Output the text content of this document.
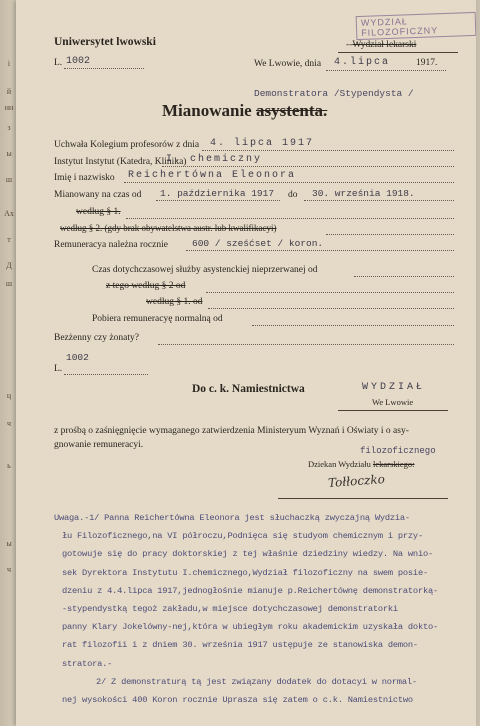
i
й
ин
з
ы
ш
Ах
т
Д
ш
ц
ч
ь
ы
ч
Uniwersytet lwowski
L. 1002
WYDZIAŁ FILOZOFICZNY
--Wydział lekarski
We Lwowie, dnia 4.lipca	1917.
Demonstratora /Stypendysta /
Mianowanie asystenta.
Uchwała Kolegium profesorów z dnia 4. lipca 1917
Instytut Instytut (Katedra, Klinika)
I. chemiczny
Imię i nazwisko Reichertówna Eleonora
Mianowany na czas od 1. października 1917 do 30. września 1918.
według § 1.
według § 2. (gdy brak obywatelstwa austr. lub kwalifikacyi)
Remuneracya należna rocznie	600 / sześćset / koron.
Czas dotychczasowej służby asystenckiej nieprzerwanej od
z tego według § 2 od
według § 1. od
Pobiera remuneracyę normalną od
Bezżenny czy żonaty?
L.
1002
Do c. k. Namiestnictwa	WYDZIAŁ
We Lwowie
z prośbą o zaśnięgnięcie wymaganego zatwierdzenia Ministeryum Wyznań i Oświaty i o asy-
gnowanie remuneracyi.
filozoficznego
Dziekan Wydziału lekarskiego:
Tołłoczko
Uwaga.-1/ Panna Reichertówna Eleonora jest słuchaczką zwyczajną Wydzia-
łu Filozoficznego,na VI półroczu,Podnięca się studyom chemicznym i przy-
gotowuje się do pracy doktorskiej z tej właśnie dziedziny wiedzy. Na wnio-
sek Dyrektora Instytutu I.chemicznego,Wydział filozoficzny na swem posie-
dzeniu z 4.4.lipca 1917,jednogłośnie mianuje p.Reichertównę demonstratorką-
-stypendystką tegoż zakładu,w miejsce dotychczasowej demonstratorki
panny Klary Jokelówny-nej,która w ubiegłym roku akademickim uzyskała dokto-
rat filozofii i z dniem 30. września 1917 ustępuje ze stanowiska demon-
stratora.-
2/ Z demonstraturą tą jest związany dodatek do dotacyi w normal-
nej wysokości 400 Koron rocznie Uprasza się zatem o c.k. Namiestnictwo
